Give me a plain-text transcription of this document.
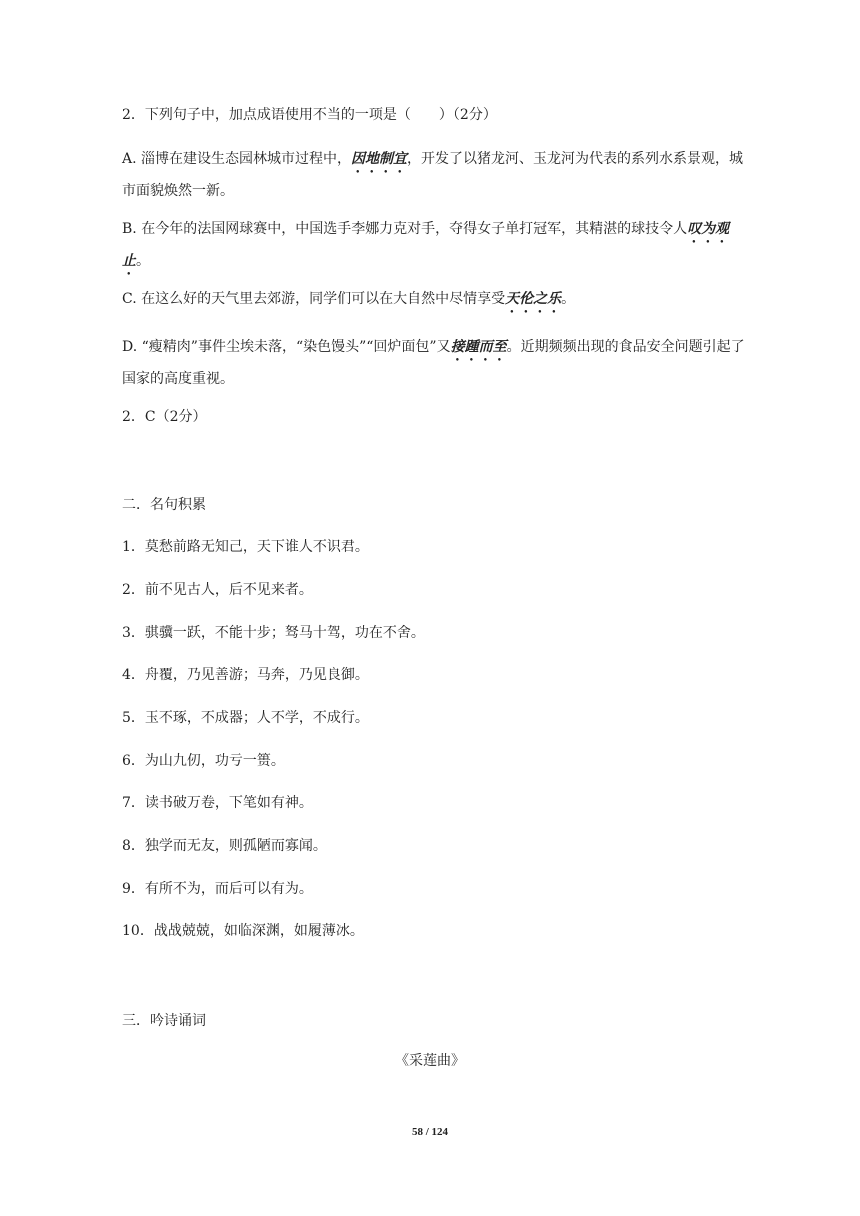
2．下列句子中，加点成语使用不当的一项是（　　）（2分）

A. 淄博在建设生态园林城市过程中，因地制宜，开发了以猪龙河、玉龙河为代表的系列水系景观，城市面貌焕然一新。

B. 在今年的法国网球赛中，中国选手李娜力克对手，夺得女子单打冠军，其精湛的球技令人叹为观止。

C. 在这么好的天气里去郊游，同学们可以在大自然中尽情享受天伦之乐。

D. “瘦精肉”事件尘埃未落，“染色馒头”“回炉面包”又接踵而至。近期频频出现的食品安全问题引起了国家的高度重视。

2．C（2分）

二．名句积累

1．莫愁前路无知己，天下谁人不识君。

2．前不见古人，后不见来者。

3．骐骥一跃，不能十步；驽马十驾，功在不舍。

4．舟覆，乃见善游；马奔，乃见良御。

5．玉不琢，不成器；人不学，不成行。

6．为山九仞，功亏一篑。

7．读书破万卷，下笔如有神。

8．独学而无友，则孤陋而寡闻。

9．有所不为，而后可以有为。

10．战战兢兢，如临深渊，如履薄冰。

三．吟诗诵词

《采莲曲》

58 / 124
